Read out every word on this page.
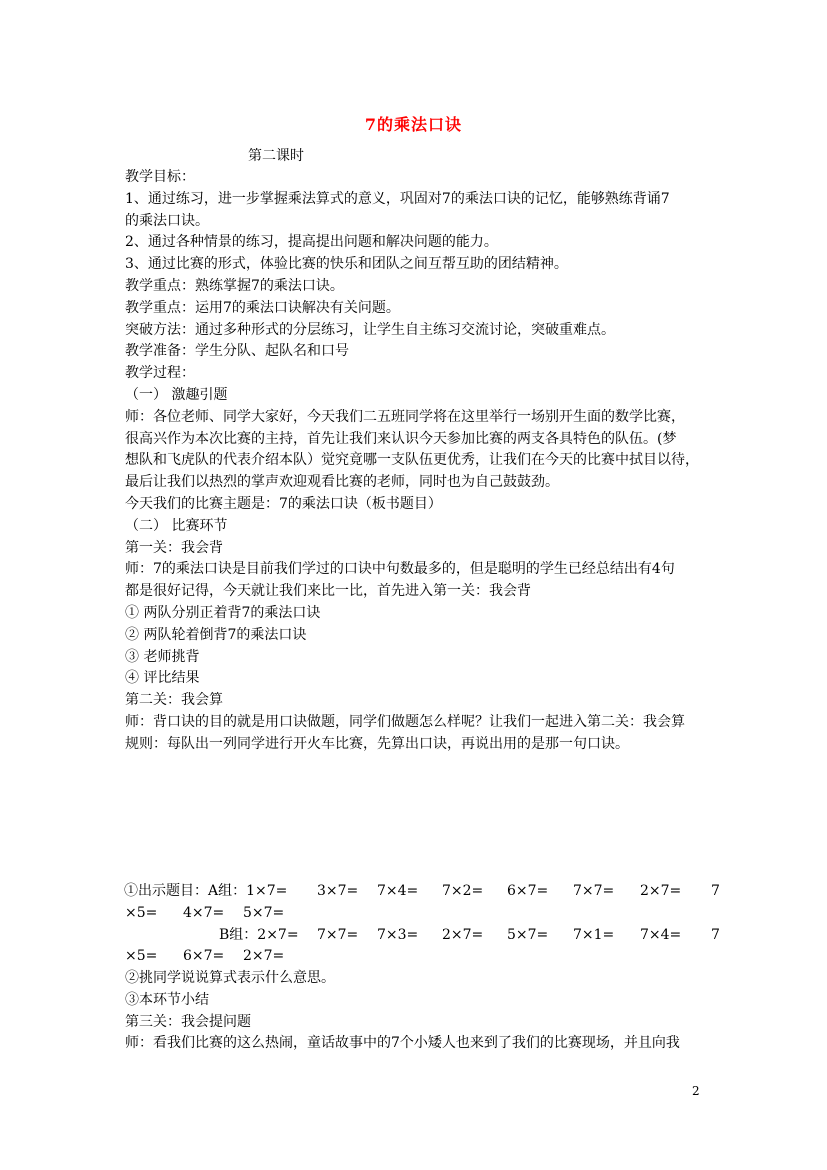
7的乘法口诀
第二课时
教学目标：
1、通过练习，进一步掌握乘法算式的意义，巩固对7的乘法口诀的记忆，能够熟练背诵7
的乘法口诀。
2、通过各种情景的练习，提高提出问题和解决问题的能力。
3、通过比赛的形式，体验比赛的快乐和团队之间互帮互助的团结精神。
教学重点：熟练掌握7的乘法口诀。
教学重点：运用7的乘法口诀解决有关问题。
突破方法：通过多种形式的分层练习，让学生自主练习交流讨论，突破重难点。
教学准备：学生分队、起队名和口号
教学过程：
（一） 激趣引题
师：各位老师、同学大家好，今天我们二五班同学将在这里举行一场别开生面的数学比赛，
很高兴作为本次比赛的主持，首先让我们来认识今天参加比赛的两支各具特色的队伍。(梦
想队和飞虎队的代表介绍本队）觉究竟哪一支队伍更优秀，让我们在今天的比赛中拭目以待，
最后让我们以热烈的掌声欢迎观看比赛的老师，同时也为自己鼓鼓劲。
今天我们的比赛主题是：7的乘法口诀（板书题目）
（二） 比赛环节
第一关：我会背
师：7的乘法口诀是目前我们学过的口诀中句数最多的，但是聪明的学生已经总结出有4句
都是很好记得，今天就让我们来比一比，首先进入第一关：我会背
① 两队分别正着背7的乘法口诀
② 两队轮着倒背7的乘法口诀
③ 老师挑背
④ 评比结果
第二关：我会算
师：背口诀的目的就是用口诀做题，同学们做题怎么样呢？让我们一起进入第二关：我会算
规则：每队出一列同学进行开火车比赛，先算出口诀，再说出用的是那一句口诀。
①出示题目：A组：1×7= 3×7= 7×4= 7×2= 6×7= 7×7= 2×7= 7
×5= 4×7= 5×7=
B组：2×7= 7×7= 7×3= 2×7= 5×7= 7×1= 7×4= 7
×5= 6×7= 2×7=
②挑同学说说算式表示什么意思。
③本环节小结
第三关：我会提问题
师：看我们比赛的这么热闹，童话故事中的7个小矮人也来到了我们的比赛现场，并且向我
2
